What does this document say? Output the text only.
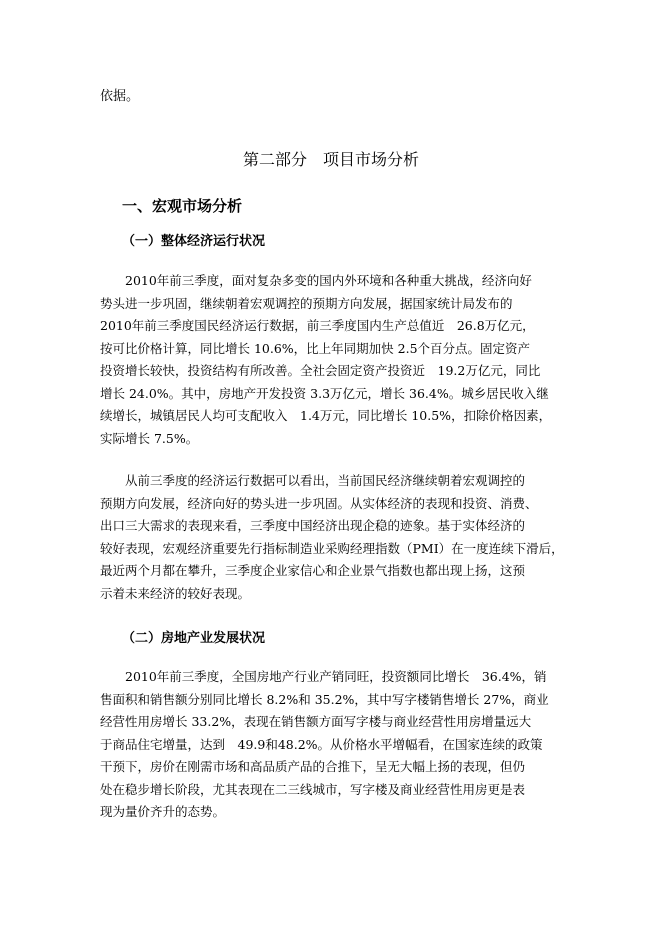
依据。
第二部分　项目市场分析
一、宏观市场分析
（一）整体经济运行状况
2010年前三季度，面对复杂多变的国内外环境和各种重大挑战，经济向好
势头进一步巩固，继续朝着宏观调控的预期方向发展，据国家统计局发布的
2010年前三季度国民经济运行数据，前三季度国内生产总值近　26.8万亿元，
按可比价格计算，同比增长 10.6%，比上年同期加快 2.5个百分点。固定资产
投资增长较快，投资结构有所改善。全社会固定资产投资近　19.2万亿元，同比
增长 24.0%。其中，房地产开发投资 3.3万亿元，增长 36.4%。城乡居民收入继
续增长，城镇居民人均可支配收入　1.4万元，同比增长 10.5%，扣除价格因素，
实际增长 7.5%。
从前三季度的经济运行数据可以看出，当前国民经济继续朝着宏观调控的
预期方向发展，经济向好的势头进一步巩固。从实体经济的表现和投资、消费、
出口三大需求的表现来看，三季度中国经济出现企稳的迹象。基于实体经济的
较好表现，宏观经济重要先行指标制造业采购经理指数（PMI）在一度连续下滑后，
最近两个月都在攀升，三季度企业家信心和企业景气指数也都出现上扬，这预
示着未来经济的较好表现。
（二）房地产业发展状况
2010年前三季度，全国房地产行业产销同旺，投资额同比增长　36.4%，销
售面积和销售额分别同比增长 8.2%和 35.2%，其中写字楼销售增长 27%，商业
经营性用房增长 33.2%，表现在销售额方面写字楼与商业经营性用房增量远大
于商品住宅增量，达到　49.9和48.2%。从价格水平增幅看，在国家连续的政策
干预下，房价在刚需市场和高品质产品的合推下，呈无大幅上扬的表现，但仍
处在稳步增长阶段，尤其表现在二三线城市，写字楼及商业经营性用房更是表
现为量价齐升的态势。
